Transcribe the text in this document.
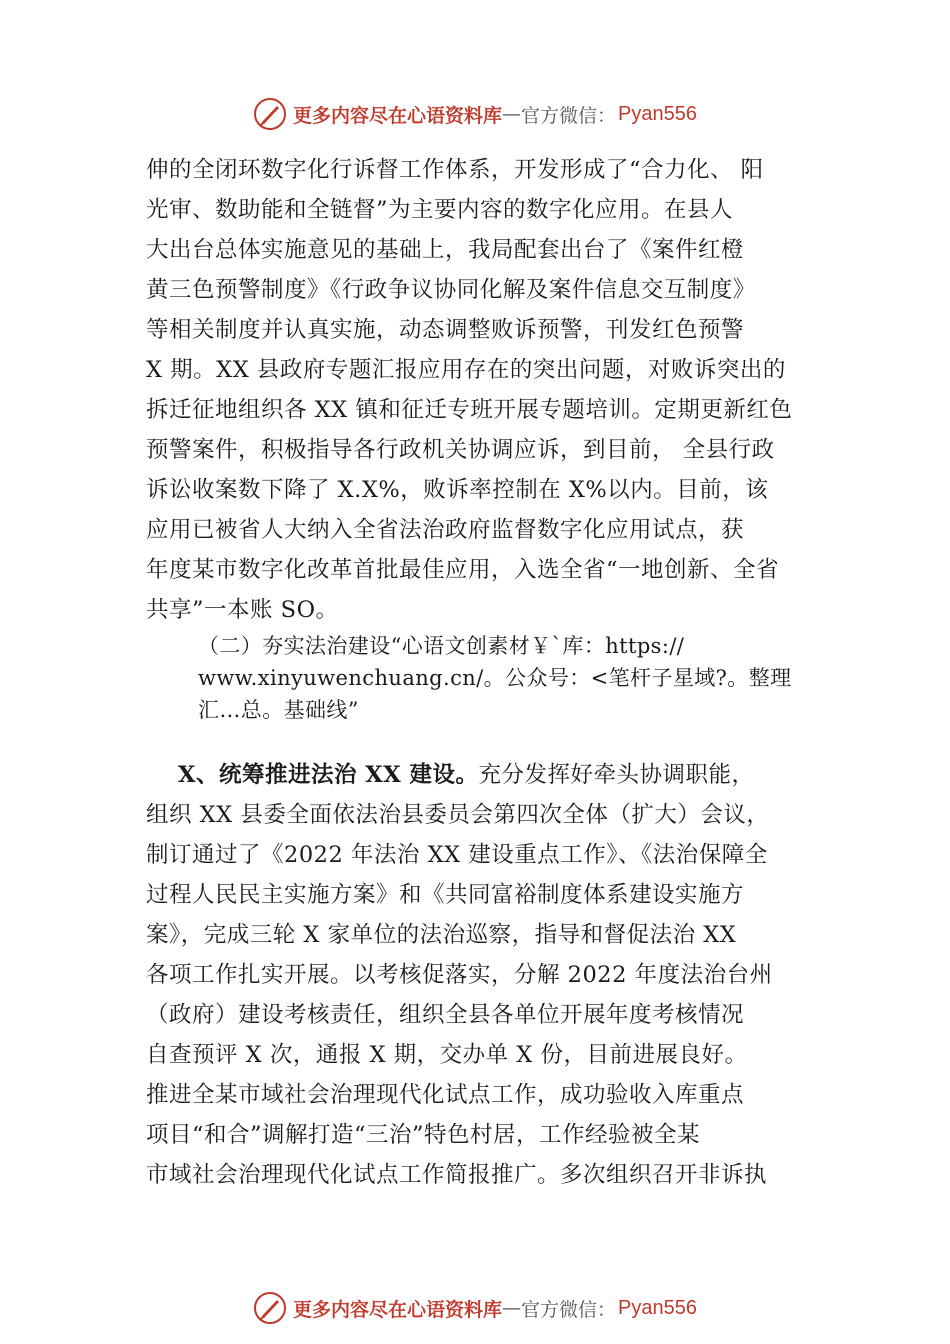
更多内容尽在心语资料库 — 官方微信： Pyan556
伸的全闭环数字化行诉督工作体系，开发形成了“合力化、 阳
光审、数助能和全链督”为主要内容的数字化应用。在县人
大出台总体实施意见的基础上，我局配套出台了《案件红橙
黄三色预警制度》《行政争议协同化解及案件信息交互制度》
等相关制度并认真实施，动态调整败诉预警，刊发红色预警
X 期。XX 县政府专题汇报应用存在的突出问题，对败诉突出的
拆迁征地组织各 XX 镇和征迁专班开展专题培训。定期更新红色
预警案件，积极指导各行政机关协调应诉，到目前， 全县行政
诉讼收案数下降了 X.X%，败诉率控制在 X%以内。目前，该
应用已被省人大纳入全省法治政府监督数字化应用试点，获
年度某市数字化改革首批最佳应用，入选全省“一地创新、全省
共享”一本账 SO。
（二）夯实法治建设“心语文创素材￥`库：https://
www.xinyuwenchuang.cn/。公众号：<笔杆子星域?。整理
汇…总。基础线”
X、统筹推进法治 XX 建设。充分发挥好牵头协调职能，
组织 XX 县委全面依法治县委员会第四次全体（扩大）会议，
制订通过了《2022 年法治 XX 建设重点工作》、《法治保障全
过程人民民主实施方案》和《共同富裕制度体系建设实施方
案》，完成三轮 X 家单位的法治巡察，指导和督促法治 XX
各项工作扎实开展。以考核促落实，分解 2022 年度法治台州
（政府）建设考核责任，组织全县各单位开展年度考核情况
自查预评 X 次，通报 X 期，交办单 X 份，目前进展良好。
推进全某市域社会治理现代化试点工作，成功验收入库重点
项目“和合”调解打造“三治”特色村居，工作经验被全某
市域社会治理现代化试点工作简报推广。多次组织召开非诉执
更多内容尽在心语资料库 — 官方微信： Pyan556
